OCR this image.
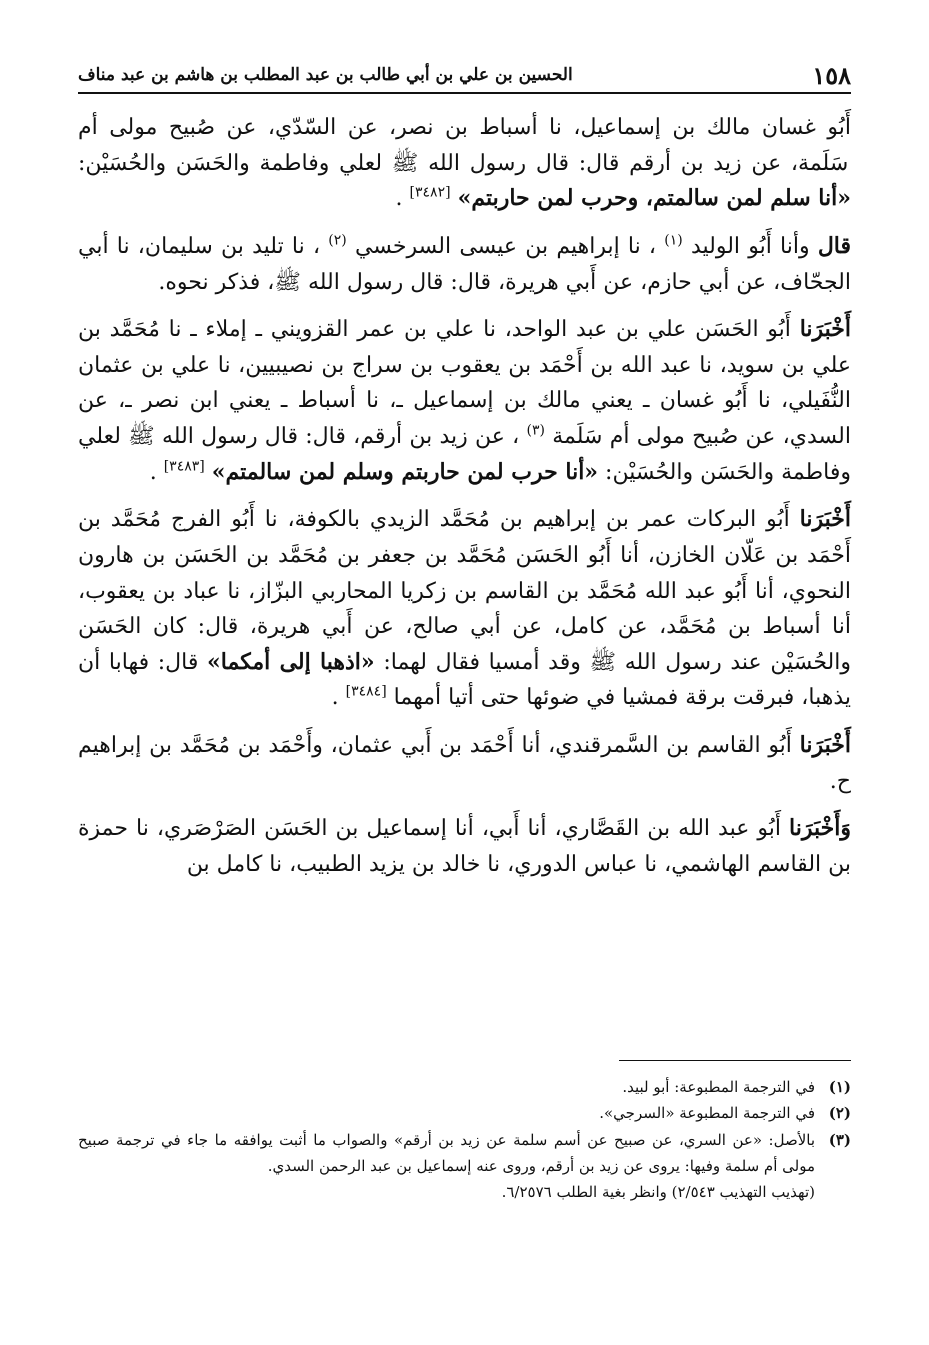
١٥٨
الحسين بن علي بن أبي طالب بن عبد المطلب بن هاشم بن عبد مناف

أَبُو غسان مالك بن إسماعيل، نا أسباط بن نصر، عن السّدّي، عن صُبيح مولى أم سَلَمة، عن زيد بن أرقم قال: قال رسول الله ﷺ لعلي وفاطمة والحَسَن والحُسَيْن: «أنا سلم لمن سالمتم، وحرب لمن حاربتم» [٣٤٨٢] .

قال وأنا أَبُو الوليد $^{(١)}$ ، نا إبراهيم بن عيسى السرخسي $^{(٢)}$ ، نا تليد بن سليمان، نا أبي الجحّاف، عن أبي حازم، عن أَبي هريرة، قال: قال رسول الله ﷺ، فذكر نحوه.

أَخْبَرَنا أَبُو الحَسَن علي بن عبد الواحد، نا علي بن عمر القزويني ـ إملاء ـ نا مُحَمَّد بن علي بن سويد، نا عبد الله بن أَحْمَد بن يعقوب بن سراج بن نصيبيين، نا علي بن عثمان النُّفَيلي، نا أَبُو غسان ـ يعني مالك بن إسماعيل ـ، نا أسباط ـ يعني ابن نصر ـ، عن السدي، عن صُبيح مولى أم سَلَمة $^{(٣)}$ ، عن زيد بن أرقم، قال: قال رسول الله ﷺ لعلي وفاطمة والحَسَن والحُسَيْن: «أنا حرب لمن حاربتم وسلم لمن سالمتم» [٣٤٨٣] .

أَخْبَرَنا أَبُو البركات عمر بن إبراهيم بن مُحَمَّد الزيدي بالكوفة، نا أَبُو الفرج مُحَمَّد بن أَحْمَد بن عَلّان الخازن، أنا أَبُو الحَسَن مُحَمَّد بن جعفر بن مُحَمَّد بن الحَسَن بن هارون النحوي، أنا أَبُو عبد الله مُحَمَّد بن القاسم بن زكريا المحاربي البزّاز، نا عباد بن يعقوب، أنا أسباط بن مُحَمَّد، عن كامل، عن أبي صالح، عن أَبي هريرة، قال: كان الحَسَن والحُسَيْن عند رسول الله ﷺ وقد أمسيا فقال لهما: «اذهبا إلى أمكما» قال: فهابا أن يذهبا، فبرقت برقة فمشيا في ضوئها حتى أتيا أمهما [٣٤٨٤] .

أَخْبَرَنا أَبُو القاسم بن السَّمرقندي، أنا أَحْمَد بن أَبي عثمان، وأَحْمَد بن مُحَمَّد بن إبراهيم ح.

وَأَخْبَرَنا أَبُو عبد الله بن القَصَّاري، أنا أَبي، أنا إسماعيل بن الحَسَن الصَرْصَري، نا حمزة بن القاسم الهاشمي، نا عباس الدوري، نا خالد بن يزيد الطبيب، نا كامل بن

(١)
في الترجمة المطبوعة: أبو لبيد.
(٢)
في الترجمة المطبوعة «السرجي».
(٣)
بالأصل: «عن السري، عن صبيح عن أسم سلمة عن زيد بن أرقم» والصواب ما أثبت يوافقه ما جاء في ترجمة صبيح مولى أم سلمة وفيها: يروى عن زيد بن أرقم، وروى عنه إسماعيل بن عبد الرحمن السدي.
(تهذيب التهذيب ٢/٥٤٣) وانظر بغية الطلب ٦/٢٥٧٦.
